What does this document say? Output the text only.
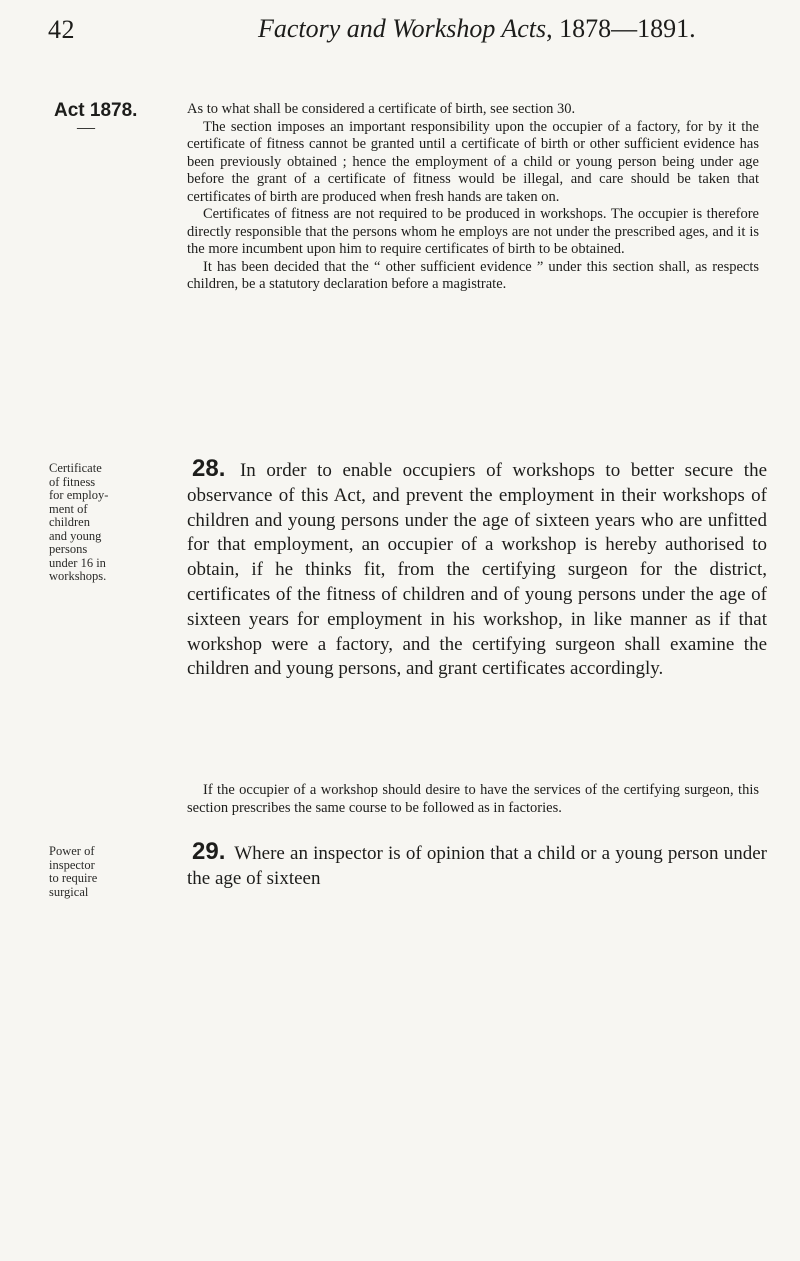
42	Factory and Workshop Acts, 1878—1891.
Act 1878.
—

As to what shall be considered a certificate of birth, see section 30.

The section imposes an important responsibility upon the occupier of a factory, for by it the certificate of fitness cannot be granted until a certificate of birth or other sufficient evidence has been previously obtained ; hence the employment of a child or young person being under age before the grant of a certificate of fitness would be illegal, and care should be taken that certificates of birth are produced when fresh hands are taken on.

Certificates of fitness are not required to be produced in workshops. The occupier is therefore directly responsible that the persons whom he employs are not under the prescribed ages, and it is the more incumbent upon him to require certificates of birth to be obtained.

It has been decided that the “ other sufficient evidence ” under this section shall, as respects children, be a statutory declaration before a magistrate.

Certificate
of fitness
for employ-
ment of
children
and young
persons
under 16 in
workshops.

28. In order to enable occupiers of workshops to better secure the observance of this Act, and prevent the employment in their workshops of children and young persons under the age of sixteen years who are unfitted for that employment, an occupier of a workshop is hereby authorised to obtain, if he thinks fit, from the certifying surgeon for the district, certificates of the fitness of children and of young persons under the age of sixteen years for employment in his workshop, in like manner as if that workshop were a factory, and the certifying surgeon shall examine the children and young persons, and grant certificates accordingly.

If the occupier of a workshop should desire to have the services of the certifying surgeon, this section prescribes the same course to be followed as in factories.

Power of
inspector
to require
surgical

29. Where an inspector is of opinion that a child or a young person under the age of sixteen
